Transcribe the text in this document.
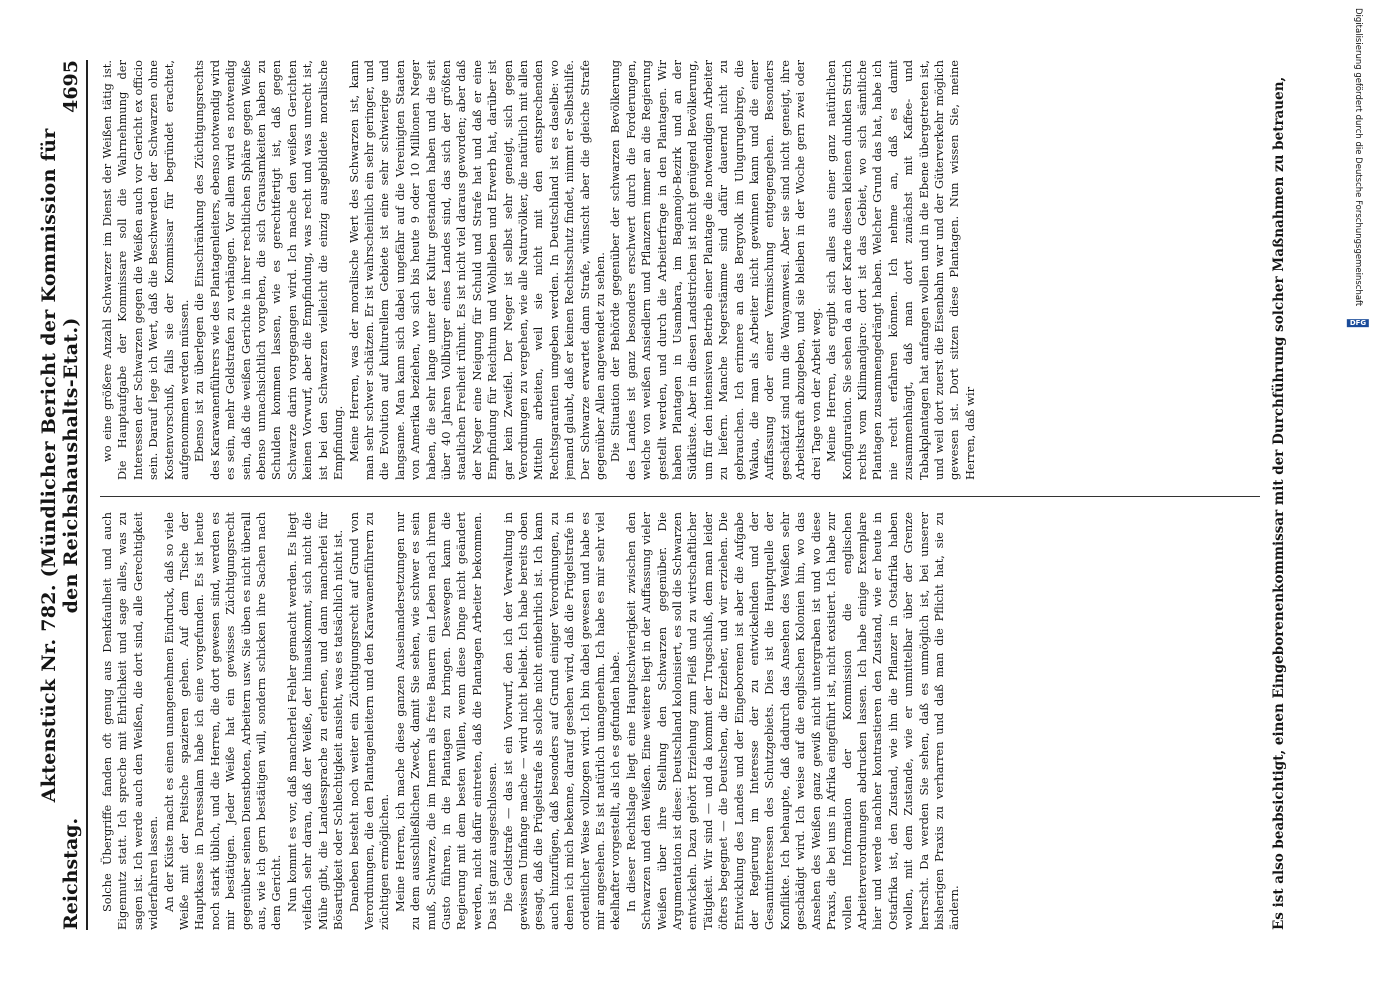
Reichstag.
Aktenstück Nr. 782. (Mündlicher Bericht der Kommission für den Reichshaushalts-Etat.)
4695

Solche Übergriffe fanden oft genug aus Denkfaulheit und auch Eigennutz statt. Ich spreche mit Ehrlichkeit und sage alles, was zu sagen ist. Ich werde auch den Weißen, die dort sind, alle Gerechtigkeit widerfahren lassen. An der Küste macht es einen unangenehmen Eindruck, daß so viele Weiße mit der Peitsche spazieren gehen. Auf dem Tische der Hauptkasse in Daressalam habe ich eine vorgefunden. Es ist heute noch stark üblich, und die Herren, die dort gewesen sind, werden es mir bestätigen. Jeder Weiße hat ein gewisses Züchtigungsrecht gegenüber seinen Dienstboten, Arbeitern usw. Sie üben es nicht überall aus, wie ich gern bestätigen will, sondern schicken ihre Sachen nach dem Gericht. Nun kommt es vor, daß mancherlei Fehler gemacht werden. Es liegt vielfach sehr daran, daß der Weiße, der hinauskommt, sich nicht die Mühe gibt, die Landessprache zu erlernen, und dann mancherlei für Bösartigkeit oder Schlechtigkeit ansieht, was es tatsächlich nicht ist. Daneben besteht noch weiter ein Züchtigungsrecht auf Grund von Verordnungen, die den Plantagenleitern und den Karawanenführern zu züchtigen ermöglichen. Meine Herren, ich mache diese ganzen Auseinandersetzungen nur zu dem ausschließlichen Zweck, damit Sie sehen, wie schwer es sein muß, Schwarze, die im Innern als freie Bauern ein Leben nach ihrem Gusto führen, in die Plantagen zu bringen. Deswegen kann die Regierung mit dem besten Willen, wenn diese Dinge nicht geändert werden, nicht dafür eintreten, daß die Plantagen Arbeiter bekommen. Das ist ganz ausgeschlossen. Die Geldstrafe — das ist ein Vorwurf, den ich der Verwaltung in gewissem Umfange mache — wird nicht beliebt. Ich habe bereits oben gesagt, daß die Prügelstrafe als solche nicht entbehrlich ist. Ich kann auch hinzufügen, daß besonders auf Grund einiger Verordnungen, zu denen ich mich bekenne, darauf gesehen wird, daß die Prügelstrafe in ordentlicher Weise vollzogen wird. Ich bin dabei gewesen und habe es mir angesehen. Es ist natürlich unangenehm. Ich habe es mir sehr viel ekelhafter vorgestellt, als ich es gefunden habe. In dieser Rechtslage liegt eine Hauptschwierigkeit zwischen den Schwarzen und den Weißen. Eine weitere liegt in der Auffassung vieler Weißen über ihre Stellung den Schwarzen gegenüber. Die Argumentation ist diese: Deutschland kolonisiert, es soll die Schwarzen entwickeln. Dazu gehört Erziehung zum Fleiß und zu wirtschaftlicher Tätigkeit. Wir sind — und da kommt der Trugschluß, dem man leider öfters begegnet — die Deutschen, die Erzieher, und wir erziehen. Die Entwicklung des Landes und der Eingeborenen ist aber die Aufgabe der Regierung im Interesse der zu entwickelnden und der Gesamtinteressen des Schutzgebiets. Dies ist die Hauptquelle der Konflikte. Ich behaupte, daß dadurch das Ansehen des Weißen sehr geschädigt wird. Ich weise auf die englischen Kolonien hin, wo das Ansehen des Weißen ganz gewiß nicht untergraben ist und wo diese Praxis, die bei uns in Afrika eingeführt ist, nicht existiert. Ich habe zur vollen Information der Kommission die englischen Arbeiterverordnungen abdrucken lassen. Ich habe einige Exemplare hier und werde nachher kontrastieren den Zustand, wie er heute in Ostafrika ist, den Zustand, wie ihn die Pflanzer in Ostafrika haben wollen, mit dem Zustande, wie er unmittelbar über der Grenze herrscht. Da werden Sie sehen, daß es unmöglich ist, bei unserer bisherigen Praxis zu verharren und daß man die Pflicht hat, sie zu ändern.

wo eine größere Anzahl Schwarzer im Dienst der Weißen tätig ist. Die Hauptaufgabe der Kommissare soll die Wahrnehmung der Interessen der Schwarzen gegen die Weißen auch vor Gericht ex officio sein. Darauf lege ich Wert, daß die Beschwerden der Schwarzen ohne Kostenvorschuß, falls sie der Kommissar für begründet erachtet, aufgenommen werden müssen. Ebenso ist zu überlegen die Einschränkung des Züchtigungsrechts des Karawanenführers wie des Plantagenleiters, ebenso notwendig wird es sein, mehr Geldstrafen zu verhängen. Vor allem wird es notwendig sein, daß die weißen Gerichte in ihrer rechtlichen Sphäre gegen Weiße ebenso unnachsichtlich vorgehen, die sich Grausamkeiten haben zu Schulden kommen lassen, wie es gerechtfertigt ist, daß gegen Schwarze darin vorgegangen wird. Ich mache den weißen Gerichten keinen Vorwurf, aber die Empfindung, was recht und was unrecht ist, ist bei den Schwarzen vielleicht die einzig ausgebildete moralische Empfindung. Meine Herren, was der moralische Wert des Schwarzen ist, kann man sehr schwer schätzen. Er ist wahrscheinlich ein sehr geringer, und die Evolution auf kulturellem Gebiete ist eine sehr schwierige und langsame. Man kann sich dabei ungefähr auf die Vereinigten Staaten von Amerika beziehen, wo sich bis heute 9 oder 10 Millionen Neger haben, die sehr lange unter der Kultur gestanden haben und die seit über 40 Jahren Vollbürger eines Landes sind, das sich der größten staatlichen Freiheit rühmt. Es ist nicht viel daraus geworden; aber daß der Neger eine Neigung für Schuld und Strafe hat und daß er eine Empfindung für Reichtum und Wohlleben und Erwerb hat, darüber ist gar kein Zweifel. Der Neger ist selbst sehr geneigt, sich gegen Verordnungen zu vergehen, wie alle Naturvölker, die natürlich mit allen Mitteln arbeiten, weil sie nicht mit den entsprechenden Rechtsgarantien umgeben werden. In Deutschland ist es daselbe: wo jemand glaubt, daß er keinen Rechtsschutz findet, nimmt er Selbsthilfe. Der Schwarze erwartet dann Strafe, wünscht aber die gleiche Strafe gegenüber Allen angewendet zu sehen. Die Situation der Behörde gegenüber der schwarzen Bevölkerung des Landes ist ganz besonders erschwert durch die Forderungen, welche von weißen Ansiedlern und Pflanzern immer an die Regierung gestellt werden, und durch die Arbeiterfrage in den Plantagen. Wir haben Plantagen in Usambara, im Bagamojo-Bezirk und an der Südküste. Aber in diesen Landstrichen ist nicht genügend Bevölkerung, um für den intensiven Betrieb einer Plantage die notwendigen Arbeiter zu liefern. Manche Negerstämme sind dafür dauernd nicht zu gebrauchen. Ich erinnere an das Bergvolk im Ulugurugebirge, die Wakua, die man als Arbeiter nicht gewinnen kann und die einer Auffassung oder einer Vermischung entgegengehen. Besonders geschätzt sind nun die Wanyamwesi. Aber sie sind nicht geneigt, ihre Arbeitskraft abzugeben, und sie bleiben in der Woche gern zwei oder drei Tage von der Arbeit weg. Meine Herren, das ergibt sich alles aus einer ganz natürlichen Konfiguration. Sie sehen da an der Karte diesen kleinen dunklen Strich rechts vom Kilimandjaro: dort ist das Gebiet, wo sich sämtliche Plantagen zusammengedrängt haben. Welcher Grund das hat, habe ich nie recht erfahren können. Ich nehme an, daß es damit zusammenhängt, daß man dort zunächst mit Kaffee- und Tabakplantagen hat anfangen wollen und in die Ebene übergetreten ist, und weil dort zuerst die Eisenbahn war und der Güterverkehr möglich gewesen ist. Dort sitzen diese Plantagen. Nun wissen Sie, meine Herren, daß wir	Es ist also beabsichtigt, einen Eingeborenenkommissar mit der Durchführung solcher Maßnahmen zu betrauen,	Digitalisierung gefördert durch die Deutsche Forschungsgemeinschaft
DFG
